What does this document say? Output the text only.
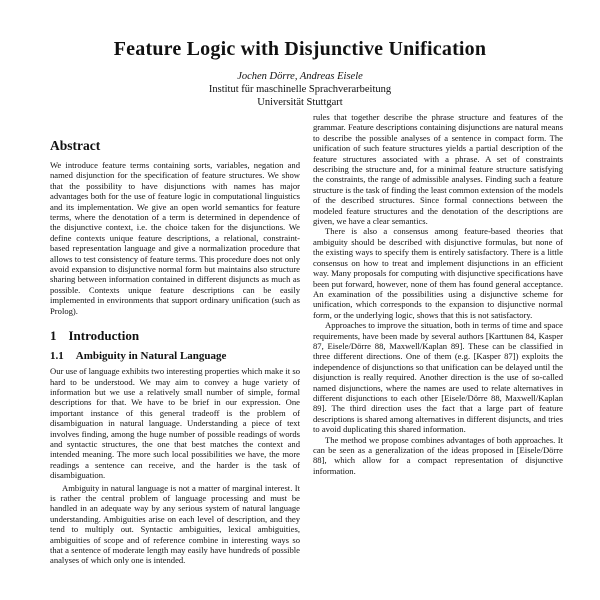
Feature Logic with Disjunctive Unification
Jochen Dörre, Andreas Eisele
Institut für maschinelle Sprachverarbeitung
Universität Stuttgart
Abstract

We introduce feature terms containing sorts, variables, negation and named disjunction for the specification of feature structures. We show that the possibility to have disjunctions with names has major advantages both for the use of feature logic in computational linguistics and its implementation. We give an open world semantics for feature terms, where the denotation of a term is determined in dependence of the disjunctive context, i.e. the choice taken for the disjunctions. We define contexts unique feature descriptions, a relational, constraint-based representation language and give a normalization procedure that allows to test consistency of feature terms. This procedure does not only avoid expansion to disjunctive normal form but maintains also structure sharing between information contained in different disjuncts as much as possible. Contexts unique feature descriptions can be easily implemented in environments that support ordinary unification (such as Prolog).

1 Introduction
1.1 Ambiguity in Natural Language

Our use of language exhibits two interesting properties which make it so hard to be understood. We may aim to convey a huge variety of information but we use a relatively small number of simple, formal descriptions for that. We have to be brief in our expression. One important instance of this general tradeoff is the problem of disambiguation in natural language. Understanding a piece of text involves finding, among the huge number of possible readings of words and syntactic structures, the one that best matches the context and intended meaning. The more such local possibilities we have, the more readings a sentence can receive, and the harder is the task of disambiguation.

Ambiguity in natural language is not a matter of marginal interest. It is rather the central problem of language processing and must be handled in an adequate way by any serious system of natural language understanding. Ambiguities arise on each level of description, and they tend to multiply out. Syntactic ambiguities, lexical ambiguities, ambiguities of scope and of reference combine in interesting ways so that a sentence of moderate length may easily have hundreds of possible analyses of which only one is intended.

rules that together describe the phrase structure and features of the grammar. Feature descriptions containing disjunctions are natural means to describe the possible analyses of a sentence in compact form. The unification of such feature structures yields a partial description of the feature structures associated with a phrase. A set of constraints describing the structure and, for a minimal feature structure satisfying the constraints, the range of admissible analyses. Finding such a feature structure is the task of finding the least common extension of the models of the described structures. Since formal connections between the modeled feature structures and the denotation of the descriptions are given, we have a clear semantics.

There is also a consensus among feature-based theories that ambiguity should be described with disjunctive formulas, but none of the existing ways to specify them is entirely satisfactory. There is a little consensus on how to treat and implement disjunctions in an efficient way. Many proposals for computing with disjunctive specifications have been put forward, however, none of them has found general acceptance. An examination of the possibilities using a disjunctive scheme for unification, which corresponds to the expansion to disjunctive normal form, or the underlying logic, shows that this is not satisfactory.

Approaches to improve the situation, both in terms of time and space requirements, have been made by several authors [Karttunen 84, Kasper 87, Eisele/Dörre 88, Maxwell/Kaplan 89]. These can be classified in three different directions. One of them (e.g. [Kasper 87]) exploits the independence of disjunctions so that unification can be delayed until the disjunction is really required. Another direction is the use of so-called named disjunctions, where the names are used to relate alternatives in different disjunctions to each other [Eisele/Dörre 88, Maxwell/Kaplan 89]. The third direction uses the fact that a large part of feature descriptions is shared among alternatives in different disjuncts, and tries to avoid duplicating this shared information.

The method we propose combines advantages of both approaches. It can be seen as a generalization of the ideas proposed in [Eisele/Dörre 88], which allow for a compact representation of disjunctive information.
